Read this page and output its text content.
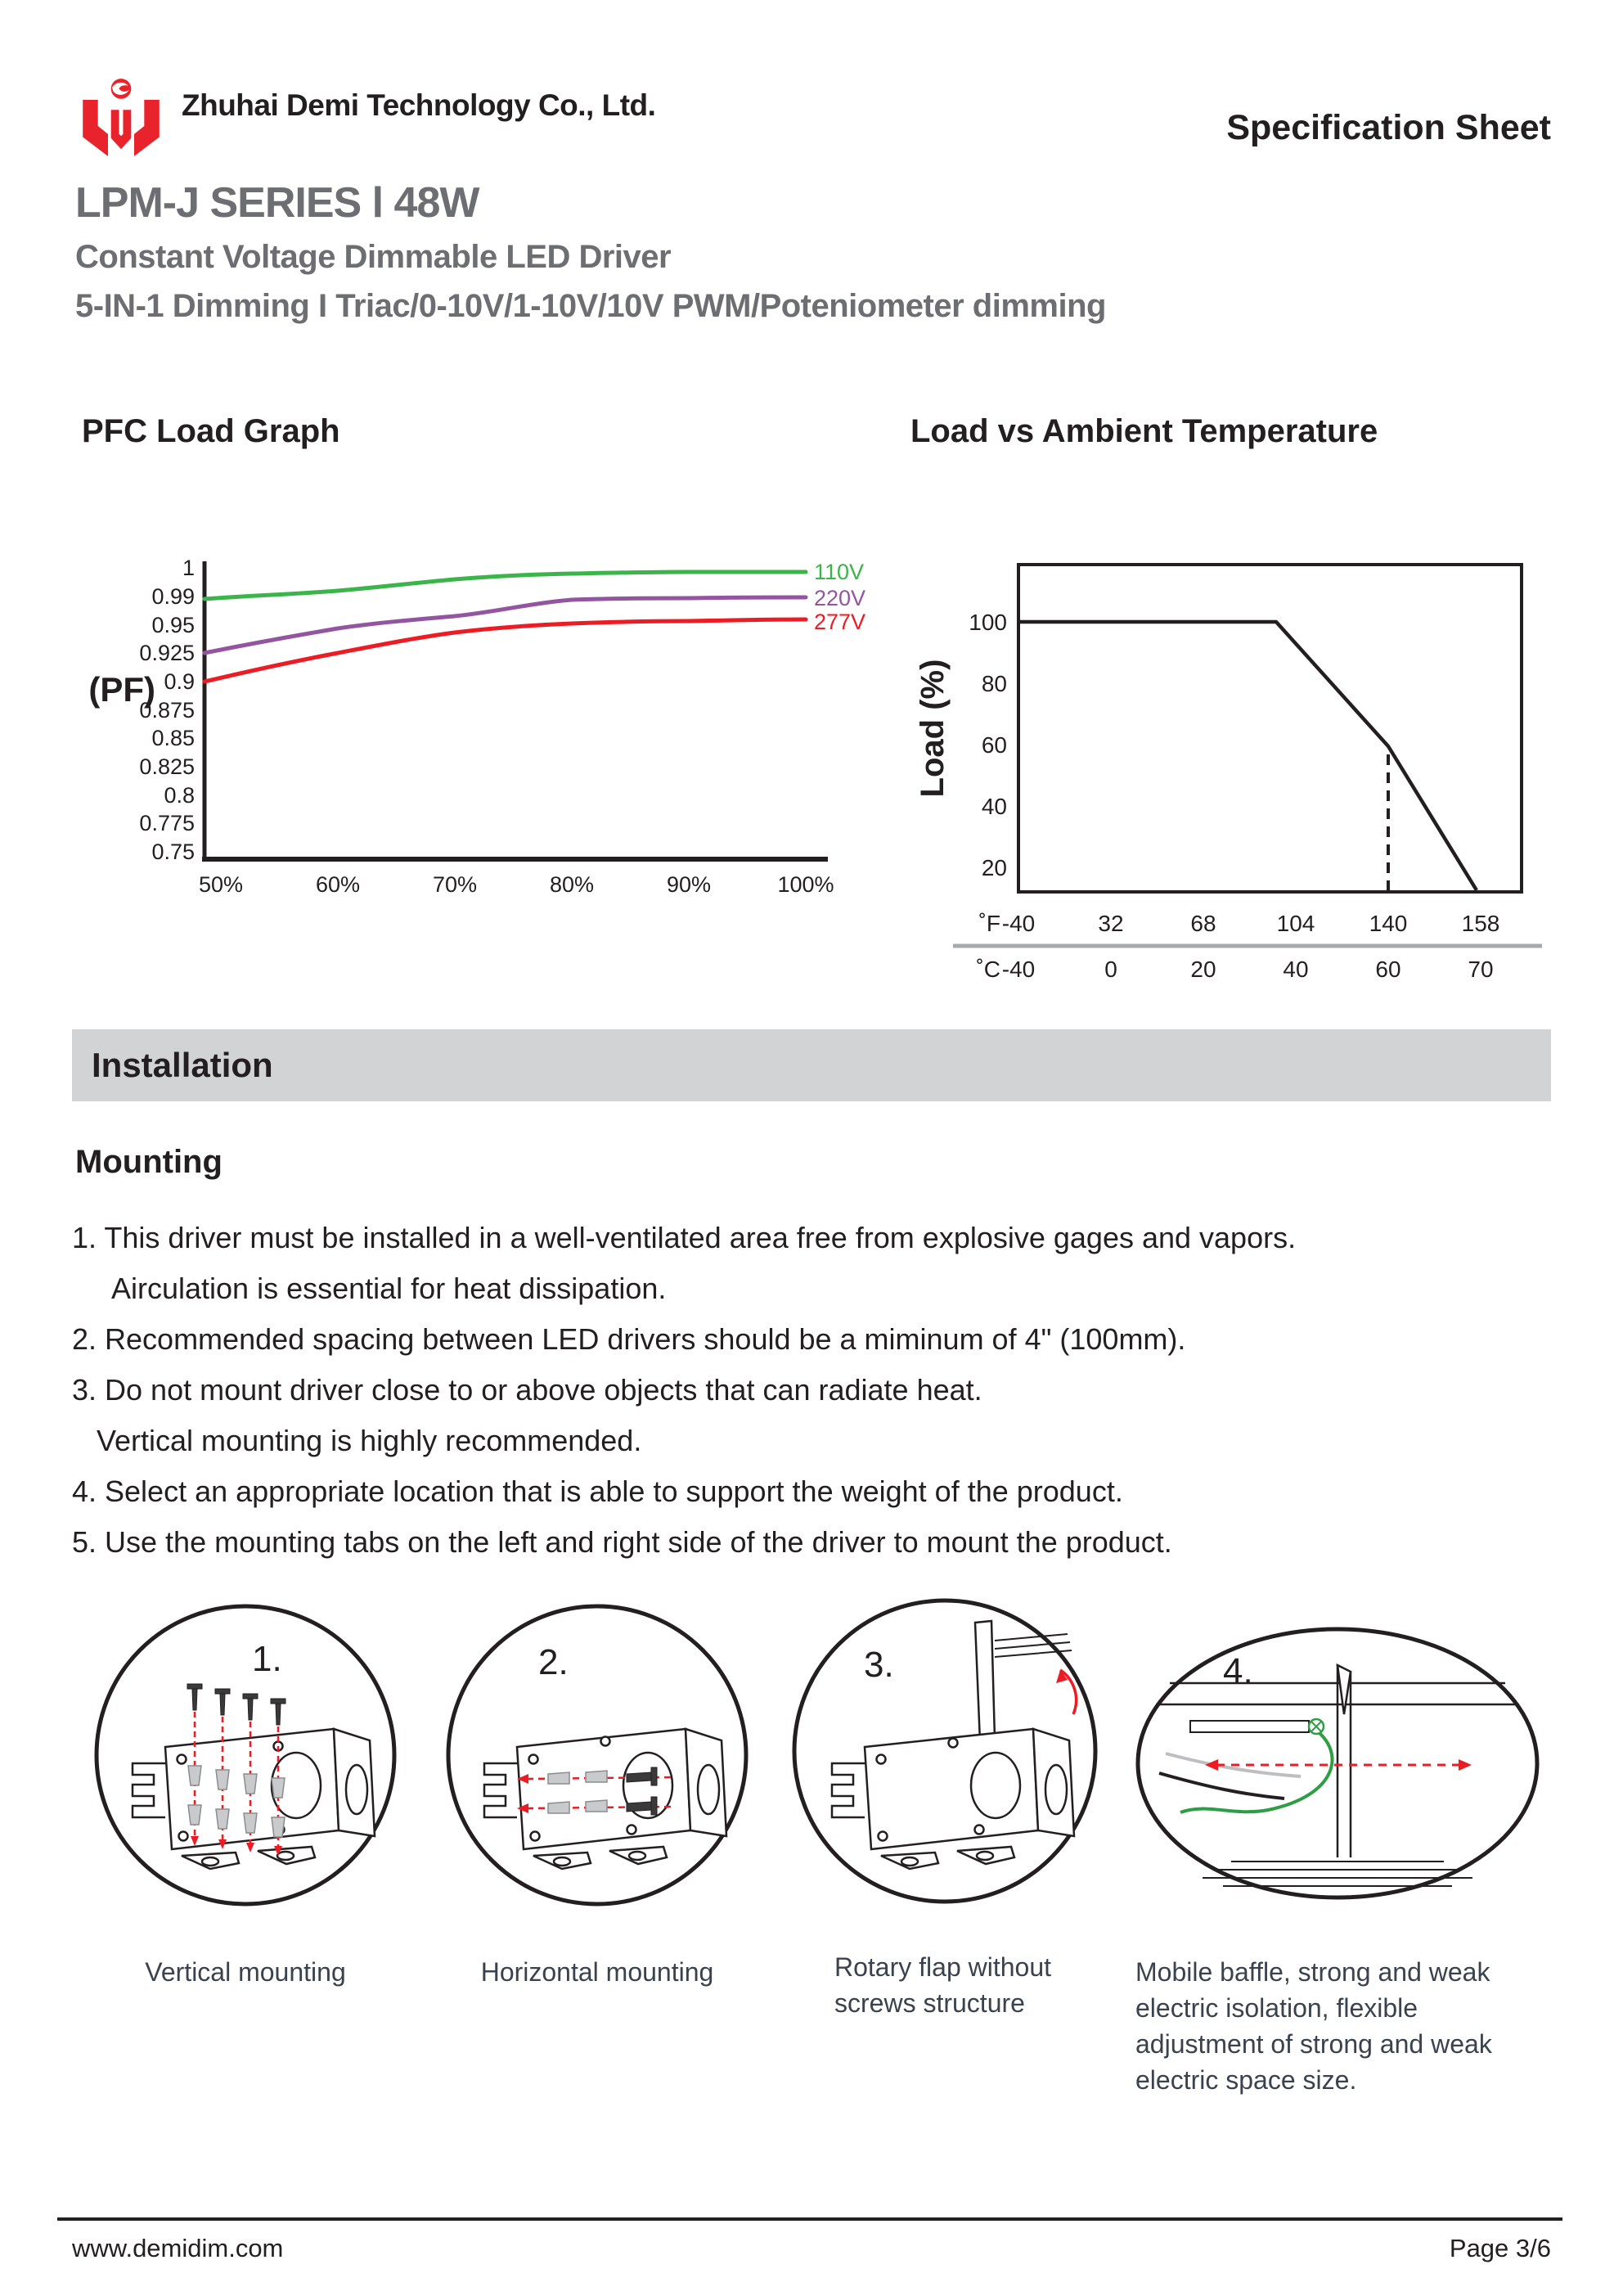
Zhuhai Demi Technology Co., Ltd.
Specification Sheet
LPM-J SERIES l 48W
Constant Voltage Dimmable LED Driver
5-IN-1 Dimming I Triac/0-10V/1-10V/10V PWM/Poteniometer dimming
PFC Load Graph	Load vs Ambient Temperature
1
0.99
0.95
0.925
0.9
0.875
0.85
0.825
0.8
0.775
0.75
(PF)
50%	60%	70%	80%	90%	100%
110V
220V
277V
Load (%)
100
80
60
40
20
˚F -40	32	68	104 140 158
˚C -40	0	20	40	60	70
Installation
Mounting
1. This driver must be installed in a well-ventilated area free from explosive gages and vapors.
Airculation is essential for heat dissipation.
2. Recommended spacing between LED drivers should be a miminum of 4" (100mm).
3. Do not mount driver close to or above objects that can radiate heat.
Vertical mounting is highly recommended.
4. Select an appropriate location that is able to support the weight of the product.
5. Use the mounting tabs on the left and right side of the driver to mount the product.
1.
Vertical mounting
2.
Horizontal mounting
3.
Rotary flap without screws structure
4.
Mobile baffle, strong and weak electric isolation, flexible adjustment of strong and weak electric space size.
www.demidim.com	Page 3/6
